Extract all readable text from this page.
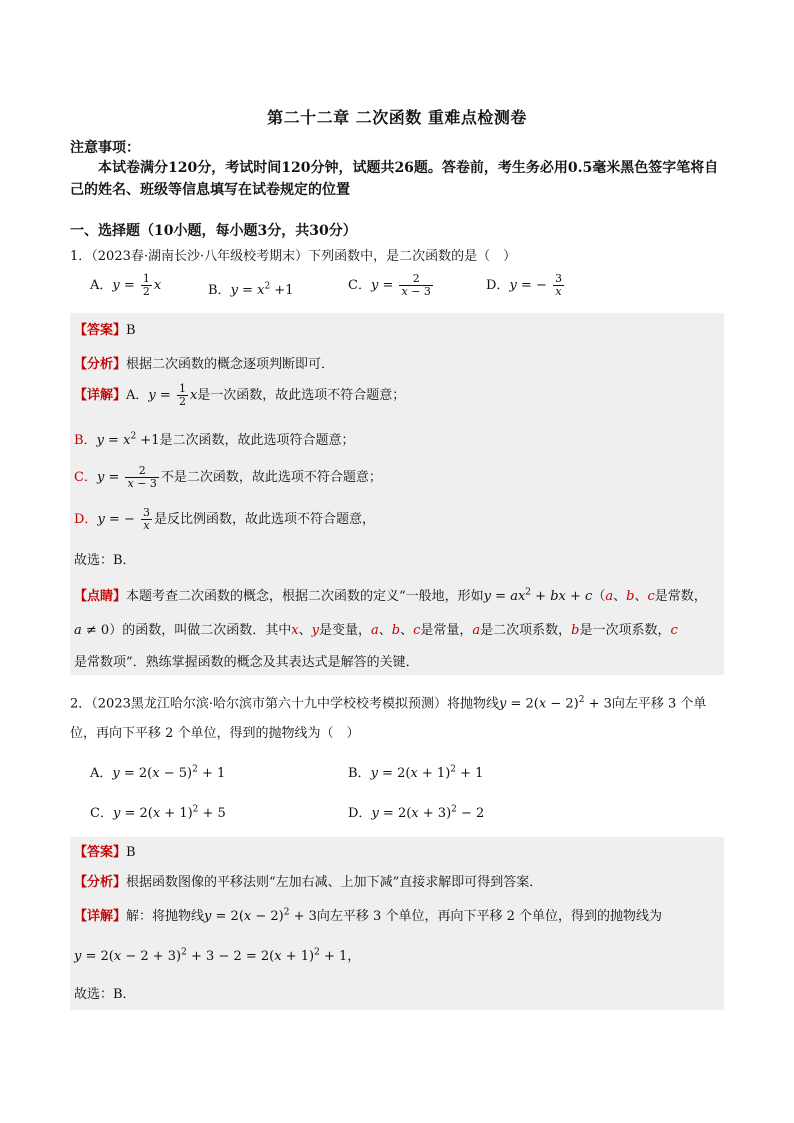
第二十二章 二次函数 重难点检测卷
注意事项：
本试卷满分120分，考试时间120分钟，试题共26题。答卷前，考生务必用0.5毫米黑色签字笔将自己的姓名、班级等信息填写在试卷规定的位置
一、选择题（10小题，每小题3分，共30分）
1．（2023春·湖南长沙·八年级校考期末）下列函数中，是二次函数的是（　）
A．$y = \frac{1}{2}$ x	B．$y = x^2 +1$	C．$y = \frac{2}{x - 3}$	D．y = − $\frac{3}{x}$
【答案】B
【分析】根据二次函数的概念逐项判断即可．
【详解】A．$y = \frac{1}{2}$ x是一次函数，故此选项不符合题意；
B．$y = x^2 +1$是二次函数，故此选项符合题意；
C．$y = \frac{2}{x - 3}$ 不是二次函数，故此选项不符合题意；
D．y = − $\frac{3}{x}$ 是反比例函数，故此选项不符合题意，
故选：B．
【点睛】本题考查二次函数的概念，根据二次函数的定义“一般地，形如$y = ax^2$ + bx + c（a、b、c是常数，
a ≠ 0）的函数，叫做二次函数．其中x、y是变量，a、b、c是常量，a是二次项系数，b是一次项系数，c
是常数项”．熟练掌握函数的概念及其表达式是解答的关键．
2．（2023黑龙江哈尔滨·哈尔滨市第六十九中学校校考模拟预测）将抛物线$y = 2(x - 2)^2 + 3$向左平移 3 个单
位，再向下平移 2 个单位，得到的抛物线为（　）
A．$y = 2(x - 5)^2 + 1$	B．$y = 2(x + 1)^2 + 1$
C．$y = 2(x + 1)^2 + 5$	D．$y = 2(x + 3)^2 - 2$
【答案】B
【分析】根据函数图像的平移法则“左加右减、上加下减”直接求解即可得到答案．
【详解】解：将抛物线$y = 2(x - 2)^2 + 3$向左平移 3 个单位，再向下平移 2 个单位，得到的抛物线为
$y = 2(x - 2 + 3)^2 + 3 - 2 = 2(x + 1)^2 + 1$，
故选：B．
